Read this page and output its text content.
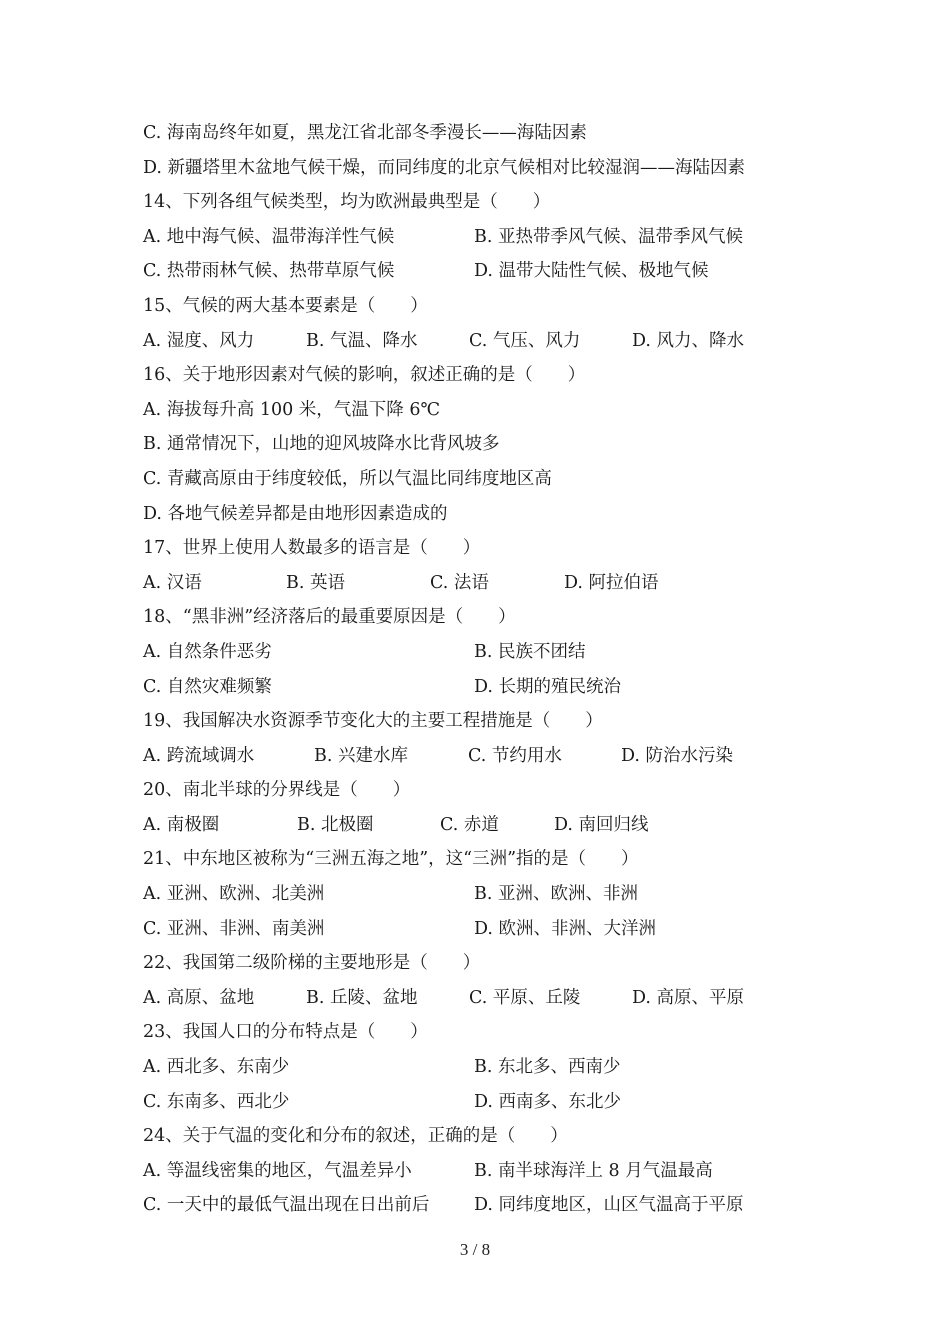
C. 海南岛终年如夏，黑龙江省北部冬季漫长——海陆因素
D. 新疆塔里木盆地气候干燥，而同纬度的北京气候相对比较湿润——海陆因素
14、下列各组气候类型，均为欧洲最典型是（　　）
A. 地中海气候、温带海洋性气候	B. 亚热带季风气候、温带季风气候
C. 热带雨林气候、热带草原气候	D. 温带大陆性气候、极地气候
15、气候的两大基本要素是（　　）
A. 湿度、风力	B. 气温、降水	C. 气压、风力	D. 风力、降水
16、关于地形因素对气候的影响，叙述正确的是（　　）
A. 海拔每升高 100 米，气温下降 6℃
B. 通常情况下，山地的迎风坡降水比背风坡多
C. 青藏高原由于纬度较低，所以气温比同纬度地区高
D. 各地气候差异都是由地形因素造成的
17、世界上使用人数最多的语言是（　　）
A. 汉语	B. 英语	C. 法语	D. 阿拉伯语
18、“黑非洲”经济落后的最重要原因是（　　）
A. 自然条件恶劣	B. 民族不团结
C. 自然灾难频繁	D. 长期的殖民统治
19、我国解决水资源季节变化大的主要工程措施是（　　）
A. 跨流域调水	B. 兴建水库	C. 节约用水	D. 防治水污染
20、南北半球的分界线是（　　）
A. 南极圈	B. 北极圈	C. 赤道	D. 南回归线
21、中东地区被称为“三洲五海之地”，这“三洲”指的是（　　）
A. 亚洲、欧洲、北美洲	B. 亚洲、欧洲、非洲
C. 亚洲、非洲、南美洲	D. 欧洲、非洲、大洋洲
22、我国第二级阶梯的主要地形是（　　）
A. 高原、盆地	B. 丘陵、盆地	C. 平原、丘陵	D. 高原、平原
23、我国人口的分布特点是（　　）
A. 西北多、东南少	B. 东北多、西南少
C. 东南多、西北少	D. 西南多、东北少
24、关于气温的变化和分布的叙述，正确的是（　　）
A. 等温线密集的地区，气温差异小	B. 南半球海洋上 8 月气温最高
C. 一天中的最低气温出现在日出前后	D. 同纬度地区，山区气温高于平原
3 / 8
